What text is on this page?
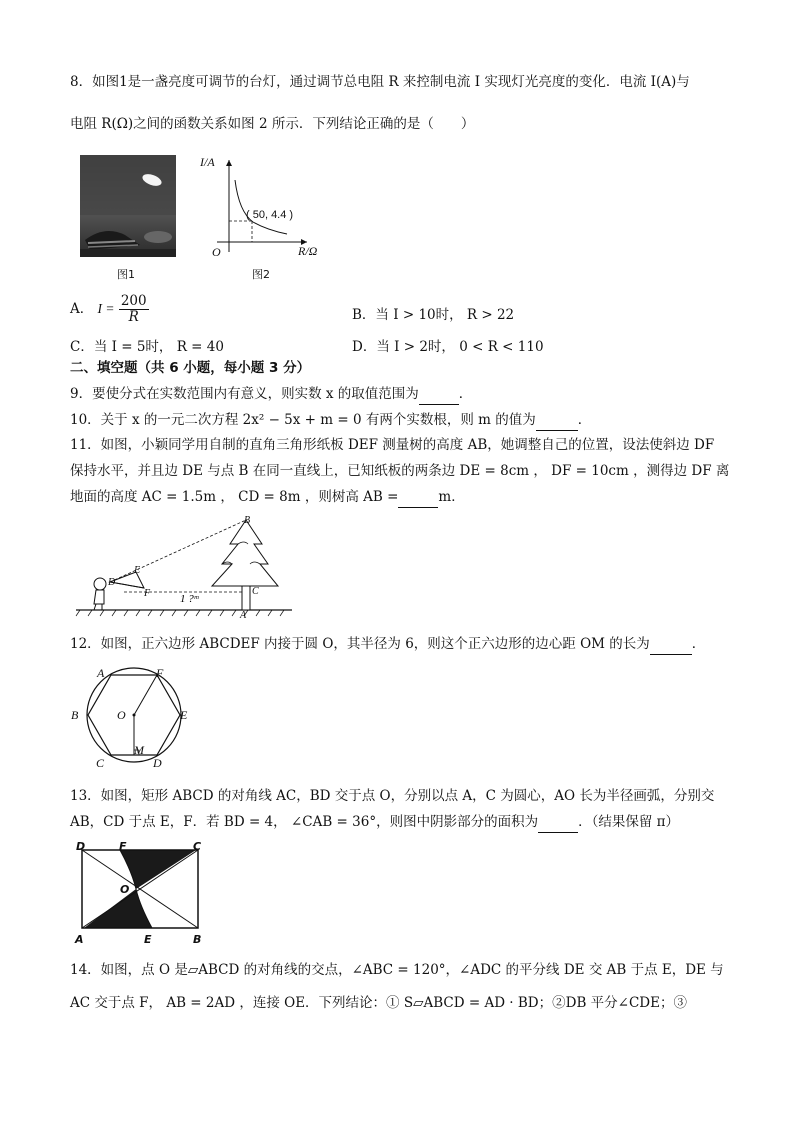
8．如图1是一盏亮度可调节的台灯，通过调节总电阻 R 来控制电流 I 实现灯光亮度的变化．电流 I(A)与
电阻 R(Ω)之间的函数关系如图 2 所示．下列结论正确的是（　　）
图1
I/A
R/Ω
O
( 50, 4.4 )
图2
A． $I = \frac{200}{R}$	B．当 I > 10时， R > 22
C．当 I = 5时， R = 40	D．当 I > 2时， 0 < R < 110
二、填空题（共 6 小题，每小题 3 分）
9．要使分式在实数范围内有意义，则实数 x 的取值范围为	．
10．关于 x 的一元二次方程 2x² − 5x + m = 0 有两个实数根，则 m 的值为	．
11．如图，小颖同学用自制的直角三角形纸板 DEF 测量树的高度 AB，她调整自己的位置，设法使斜边 DF
保持水平，并且边 DE 与点 B 在同一直线上，已知纸板的两条边 DE = 8cm ， DF = 10cm ，测得边 DF 离
地面的高度 AC = 1.5m ， CD = 8m ，则树高 AB =	m．
1 ?ᵐ
B
E
D
F	C
A
12．如图，正六边形 ABCDEF 内接于圆 O，其半径为 6，则这个正六边形的边心距 OM 的长为	．
A	F
B	E
O
M
C	D
13．如图，矩形 ABCD 的对角线 AC，BD 交于点 O，分别以点 A，C 为圆心，AO 长为半径画弧，分别交
AB，CD 于点 E，F．若 BD = 4， ∠CAB = 36°，则图中阴影部分的面积为	．（结果保留 π）
D	F	C
O
A	E	B
14．如图，点 O 是▱ABCD 的对角线的交点，∠ABC = 120°，∠ADC 的平分线 DE 交 AB 于点 E，DE 与
AC 交于点 F， AB = 2AD ，连接 OE．下列结论：① S▱ABCD = AD · BD；②DB 平分∠CDE；③
